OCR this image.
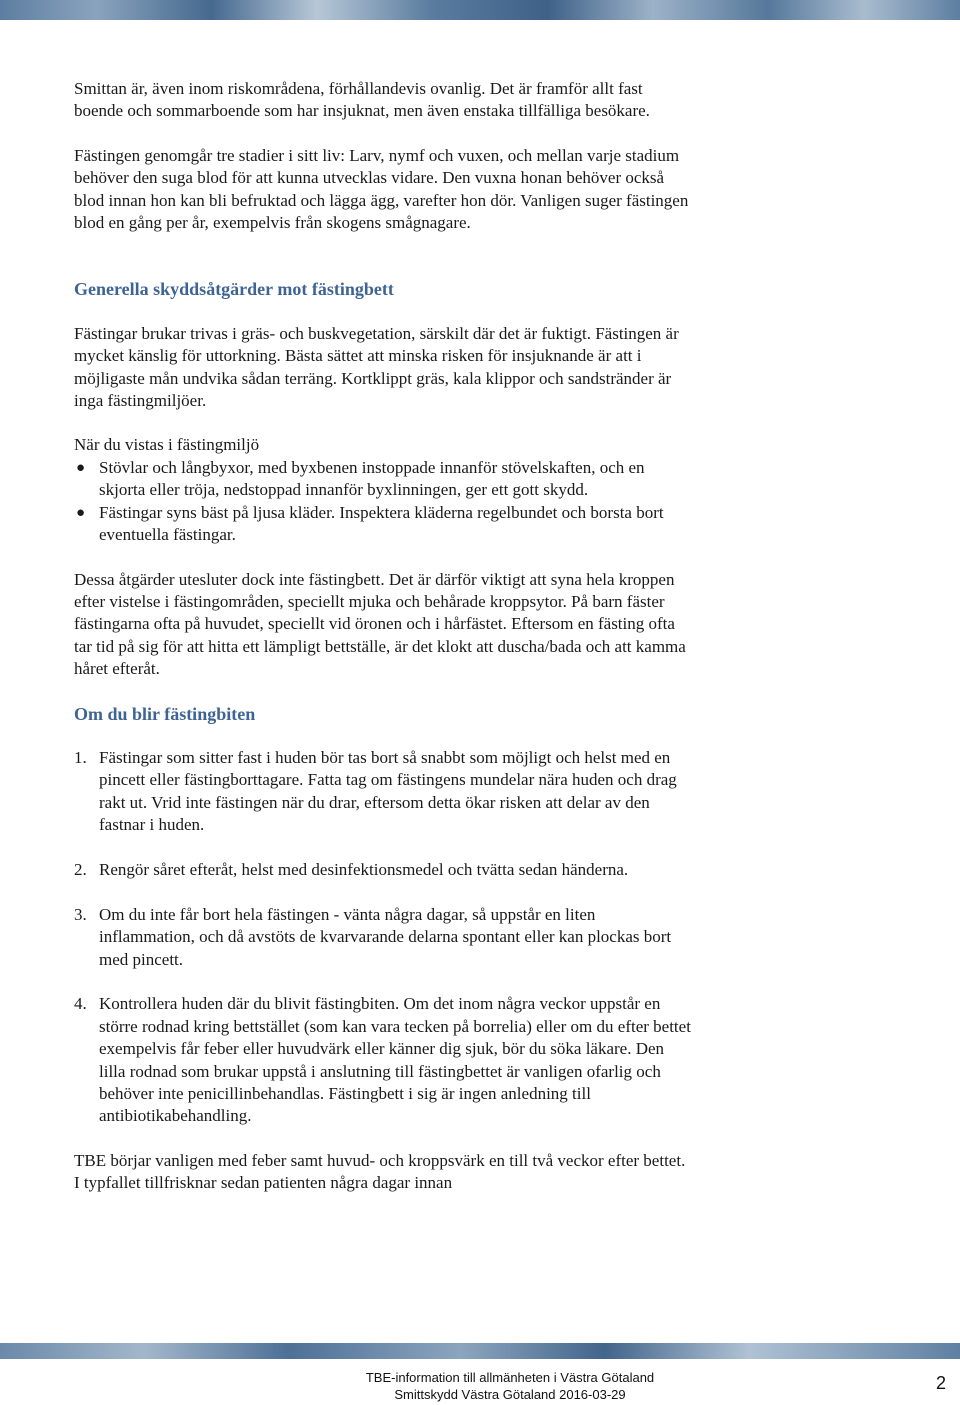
Smittan är, även inom riskområdena, förhållandevis ovanlig. Det är framför allt fast boende och sommarboende som har insjuknat, men även enstaka tillfälliga besökare.

Fästingen genomgår tre stadier i sitt liv: Larv, nymf och vuxen, och mellan varje stadium behöver den suga blod för att kunna utvecklas vidare. Den vuxna honan behöver också blod innan hon kan bli befruktad och lägga ägg, varefter hon dör. Vanligen suger fästingen blod en gång per år, exempelvis från skogens smågnagare.

Generella skyddsåtgärder mot fästingbett

Fästingar brukar trivas i gräs- och buskvegetation, särskilt där det är fuktigt. Fästingen är mycket känslig för uttorkning. Bästa sättet att minska risken för insjuknande är att i möjligaste mån undvika sådan terräng. Kortklippt gräs, kala klippor och sandstränder är inga fästingmiljöer.

När du vistas i fästingmiljö

● Stövlar och långbyxor, med byxbenen instoppade innanför stövelskaften, och en skjorta eller tröja, nedstoppad innanför byxlinningen, ger ett gott skydd.
● Fästingar syns bäst på ljusa kläder. Inspektera kläderna regelbundet och borsta bort eventuella fästingar.

Dessa åtgärder utesluter dock inte fästingbett. Det är därför viktigt att syna hela kroppen efter vistelse i fästingområden, speciellt mjuka och behårade kroppsytor. På barn fäster fästingarna ofta på huvudet, speciellt vid öronen och i hårfästet. Eftersom en fästing ofta tar tid på sig för att hitta ett lämpligt bettställe, är det klokt att duscha/bada och att kamma håret efteråt.

Om du blir fästingbiten
1. Fästingar som sitter fast i huden bör tas bort så snabbt som möjligt och helst med en pincett eller fästingborttagare. Fatta tag om fästingens mundelar nära huden och drag rakt ut. Vrid inte fästingen när du drar, eftersom detta ökar risken att delar av den fastnar i huden.
2. Rengör såret efteråt, helst med desinfektionsmedel och tvätta sedan händerna.
3. Om du inte får bort hela fästingen - vänta några dagar, så uppstår en liten inflammation, och då avstöts de kvarvarande delarna spontant eller kan plockas bort med pincett.
4. Kontrollera huden där du blivit fästingbiten. Om det inom några veckor uppstår en större rodnad kring bettstället (som kan vara tecken på borrelia) eller om du efter bettet exempelvis får feber eller huvudvärk eller känner dig sjuk, bör du söka läkare. Den lilla rodnad som brukar uppstå i anslutning till fästingbettet är vanligen ofarlig och behöver inte penicillinbehandlas. Fästingbett i sig är ingen anledning till antibiotikabehandling.

TBE börjar vanligen med feber samt huvud- och kroppsvärk en till två veckor efter bettet. I typfallet tillfrisknar sedan patienten några dagar innan

TBE-information till allmänheten i Västra Götaland
Smittskydd Västra Götaland 2016-03-29
2
